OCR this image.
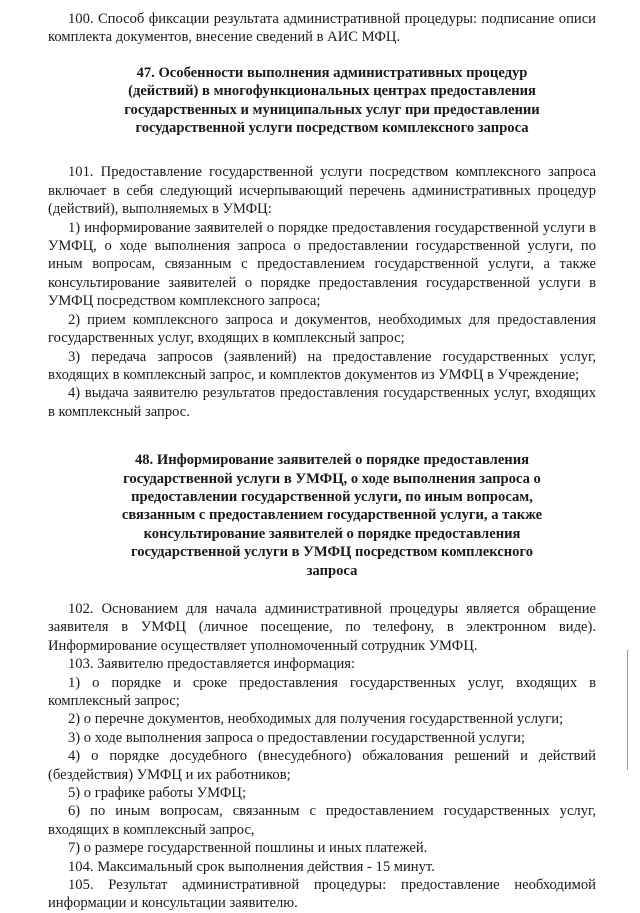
100. Способ фиксации результата административной процедуры: подписание описи комплекта документов, внесение сведений в АИС МФЦ.

47. Особенности выполнения административных процедур (действий) в многофункциональных центрах предоставления государственных и муниципальных услуг при предоставлении государственной услуги посредством комплексного запроса

101. Предоставление государственной услуги посредством комплексного запроса включает в себя следующий исчерпывающий перечень административных процедур (действий), выполняемых в УМФЦ:

1) информирование заявителей о порядке предоставления государственной услуги в УМФЦ, о ходе выполнения запроса о предоставлении государственной услуги, по иным вопросам, связанным с предоставлением государственной услуги, а также консультирование заявителей о порядке предоставления государственной услуги в УМФЦ посредством комплексного запроса;

2) прием комплексного запроса и документов, необходимых для предоставления государственных услуг, входящих в комплексный запрос;

3) передача запросов (заявлений) на предоставление государственных услуг, входящих в комплексный запрос, и комплектов документов из УМФЦ в Учреждение;

4) выдача заявителю результатов предоставления государственных услуг, входящих в комплексный запрос.

48. Информирование заявителей о порядке предоставления государственной услуги в УМФЦ, о ходе выполнения запроса о предоставлении государственной услуги, по иным вопросам, связанным с предоставлением государственной услуги, а также консультирование заявителей о порядке предоставления государственной услуги в УМФЦ посредством комплексного запроса

102. Основанием для начала административной процедуры является обращение заявителя в УМФЦ (личное посещение, по телефону, в электронном виде). Информирование осуществляет уполномоченный сотрудник УМФЦ.

103. Заявителю предоставляется информация:

1) о порядке и сроке предоставления государственных услуг, входящих в комплексный запрос;

2) о перечне документов, необходимых для получения государственной услуги;

3) о ходе выполнения запроса о предоставлении государственной услуги;

4) о порядке досудебного (внесудебного) обжалования решений и действий (бездействия) УМФЦ и их работников;

5) о графике работы УМФЦ;

6) по иным вопросам, связанным с предоставлением государственных услуг, входящих в комплексный запрос,

7) о размере государственной пошлины и иных платежей.

104. Максимальный срок выполнения действия - 15 минут.

105. Результат административной процедуры: предоставление необходимой информации и консультации заявителю.
